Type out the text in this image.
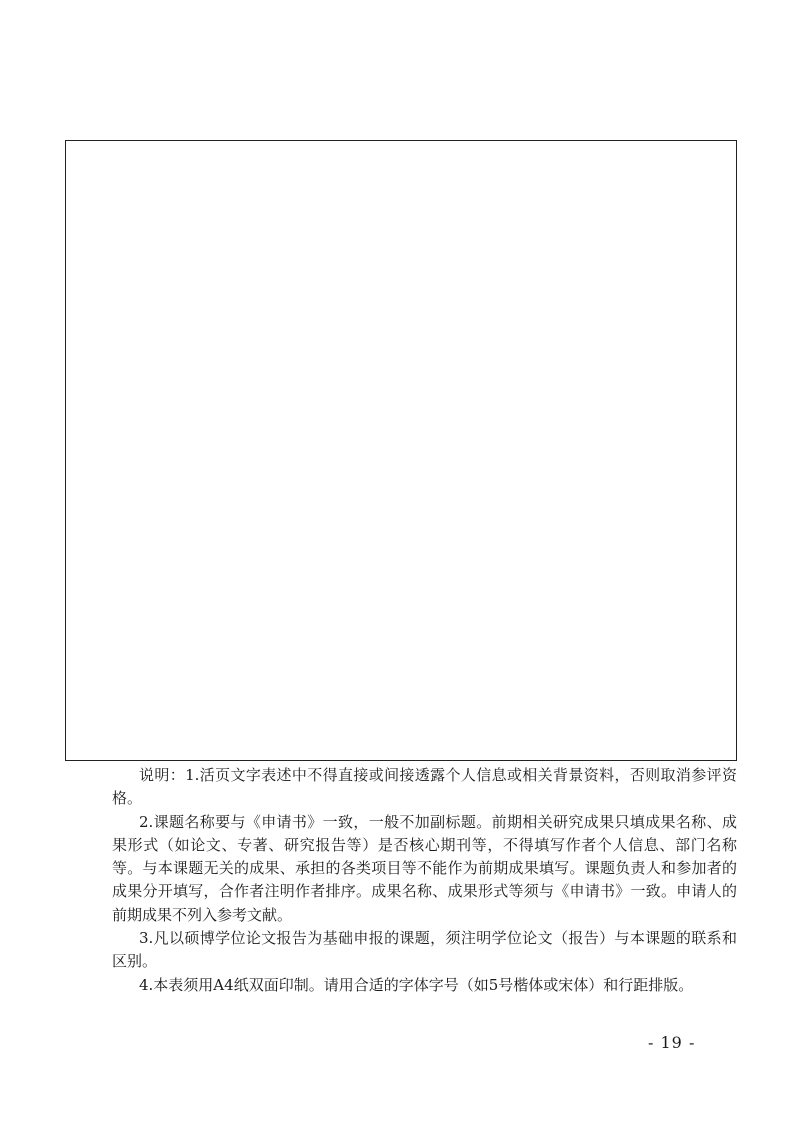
说明：1.活页文字表述中不得直接或间接透露个人信息或相关背景资料，否则取消参评资格。

2.课题名称要与《申请书》一致，一般不加副标题。前期相关研究成果只填成果名称、成果形式（如论文、专著、研究报告等）是否核心期刊等，不得填写作者个人信息、部门名称等。与本课题无关的成果、承担的各类项目等不能作为前期成果填写。课题负责人和参加者的成果分开填写，合作者注明作者排序。成果名称、成果形式等须与《申请书》一致。申请人的前期成果不列入参考文献。

3.凡以硕博学位论文报告为基础申报的课题，须注明学位论文（报告）与本课题的联系和区别。

4.本表须用A4纸双面印制。请用合适的字体字号（如5号楷体或宋体）和行距排版。

- 19 -
